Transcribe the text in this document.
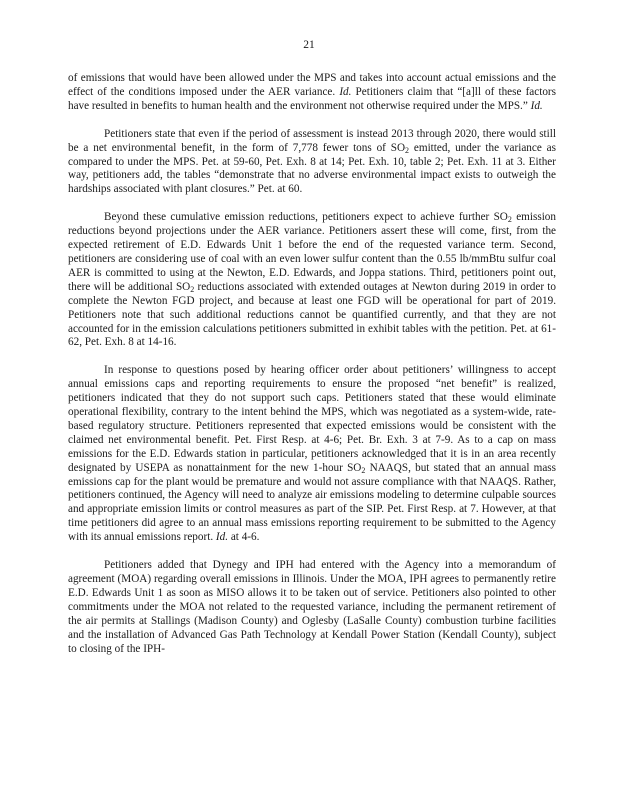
21

of emissions that would have been allowed under the MPS and takes into account actual emissions and the effect of the conditions imposed under the AER variance. Id. Petitioners claim that “[a]ll of these factors have resulted in benefits to human health and the environment not otherwise required under the MPS.” Id.

Petitioners state that even if the period of assessment is instead 2013 through 2020, there would still be a net environmental benefit, in the form of 7,778 fewer tons of $SO_2$ emitted, under the variance as compared to under the MPS. Pet. at 59-60, Pet. Exh. 8 at 14; Pet. Exh. 10, table 2; Pet. Exh. 11 at 3. Either way, petitioners add, the tables “demonstrate that no adverse environmental impact exists to outweigh the hardships associated with plant closures.” Pet. at 60.

Beyond these cumulative emission reductions, petitioners expect to achieve further $SO_2$ emission reductions beyond projections under the AER variance. Petitioners assert these will come, first, from the expected retirement of E.D. Edwards Unit 1 before the end of the requested variance term. Second, petitioners are considering use of coal with an even lower sulfur content than the 0.55 lb/mmBtu sulfur coal AER is committed to using at the Newton, E.D. Edwards, and Joppa stations. Third, petitioners point out, there will be additional $SO_2$ reductions associated with extended outages at Newton during 2019 in order to complete the Newton FGD project, and because at least one FGD will be operational for part of 2019. Petitioners note that such additional reductions cannot be quantified currently, and that they are not accounted for in the emission calculations petitioners submitted in exhibit tables with the petition. Pet. at 61-62, Pet. Exh. 8 at 14-16.

In response to questions posed by hearing officer order about petitioners’ willingness to accept annual emissions caps and reporting requirements to ensure the proposed “net benefit” is realized, petitioners indicated that they do not support such caps. Petitioners stated that these would eliminate operational flexibility, contrary to the intent behind the MPS, which was negotiated as a system-wide, rate-based regulatory structure. Petitioners represented that expected emissions would be consistent with the claimed net environmental benefit. Pet. First Resp. at 4-6; Pet. Br. Exh. 3 at 7-9. As to a cap on mass emissions for the E.D. Edwards station in particular, petitioners acknowledged that it is in an area recently designated by USEPA as nonattainment for the new 1-hour $SO_2$ NAAQS, but stated that an annual mass emissions cap for the plant would be premature and would not assure compliance with that NAAQS. Rather, petitioners continued, the Agency will need to analyze air emissions modeling to determine culpable sources and appropriate emission limits or control measures as part of the SIP. Pet. First Resp. at 7. However, at that time petitioners did agree to an annual mass emissions reporting requirement to be submitted to the Agency with its annual emissions report. Id. at 4-6.

Petitioners added that Dynegy and IPH had entered with the Agency into a memorandum of agreement (MOA) regarding overall emissions in Illinois. Under the MOA, IPH agrees to permanently retire E.D. Edwards Unit 1 as soon as MISO allows it to be taken out of service. Petitioners also pointed to other commitments under the MOA not related to the requested variance, including the permanent retirement of the air permits at Stallings (Madison County) and Oglesby (LaSalle County) combustion turbine facilities and the installation of Advanced Gas Path Technology at Kendall Power Station (Kendall County), subject to closing of the IPH-
